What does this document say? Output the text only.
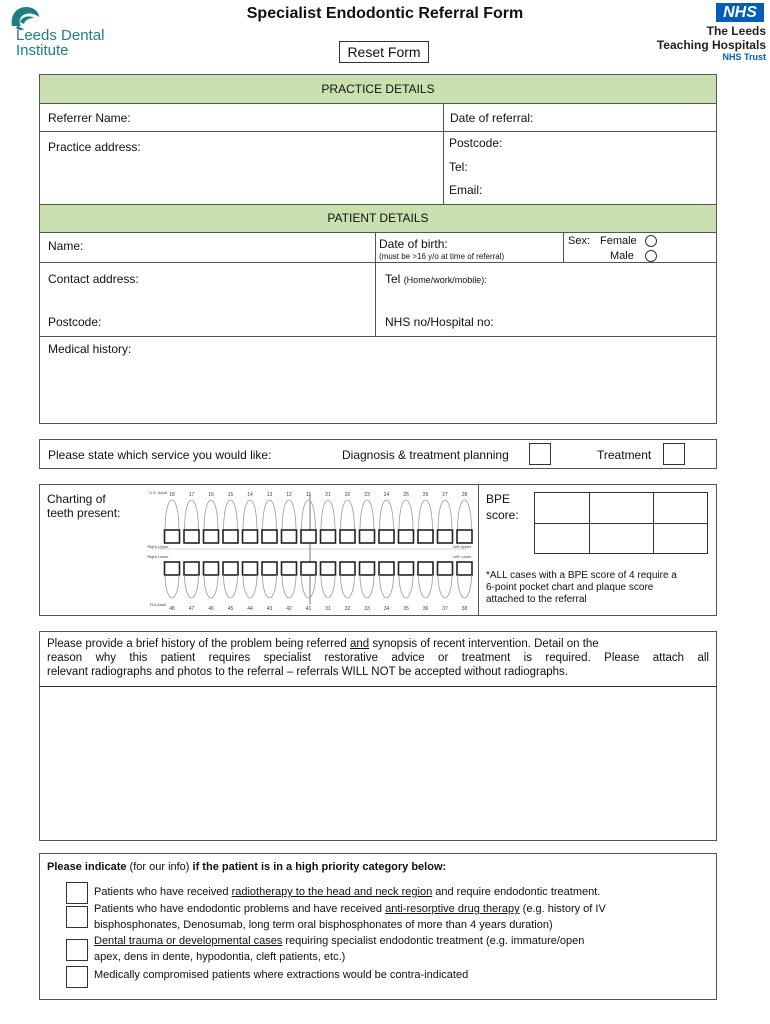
Leeds Dental
Institute
Specialist Endodontic Referral Form
Reset Form
NHS
The Leeds
Teaching Hospitals
NHS Trust
PRACTICE DETAILS
Referrer Name:	Date of referral:
Practice address:	Postcode:
Tel:
Email:
PATIENT DETAILS
Name:	Date of birth:
(must be >16 y/o at time of referral)
Sex: Female
Male
Contact address:	Tel (Home/work/mobile):
Postcode:	NHS no/Hospital no:
Medical history:
Please state which service you would like:	Diagnosis & treatment planning	Treatment
Charting of
teeth present:
18	17	16	15	14	13	12	11	21	22	23	24	25	26	27	28
48	47	46	45	44	43	42	41	31	32	33	34	35	36	37	38
U.S. Adult
Right Upper	Left Upper
Right Lower	Left Lower
FDI Adult
BPE
score:
*ALL cases with a BPE score of 4 require a
6-point pocket chart and plaque score
attached to the referral
Please provide a brief history of the problem being referred and synopsis of recent intervention. Detail on the
reason why this patient requires specialist restorative advice or treatment is required. Please attach all
relevant radiographs and photos to the referral – referrals WILL NOT be accepted without radiographs.
Please indicate (for our info) if the patient is in a high priority category below:
Patients who have received radiotherapy to the head and neck region and require endodontic treatment.
Patients who have endodontic problems and have received anti-resorptive drug therapy (e.g. history of IV
bisphosphonates, Denosumab, long term oral bisphosphonates of more than 4 years duration)
Dental trauma or developmental cases requiring specialist endodontic treatment (e.g. immature/open
apex, dens in dente, hypodontia, cleft patients, etc.)
Medically compromised patients where extractions would be contra-indicated
